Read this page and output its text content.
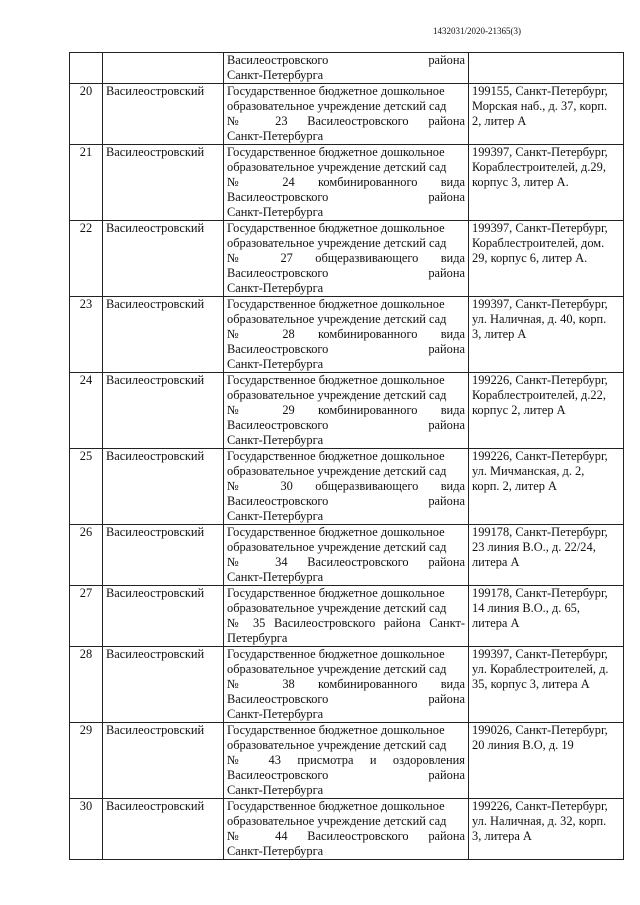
1432031/2020-21365(3)

		Василеостровского района
Санкт-Петербурга	

20	Василеостровский	Государственное бюджетное дошкольное
образовательное учреждение детский сад
№ 23 Василеостровского района
Санкт-Петербурга	199155, Санкт-Петербург,
Морская наб., д. 37, корп.
2, литер А

21	Василеостровский	Государственное бюджетное дошкольное
образовательное учреждение детский сад
№ 24 комбинированного вида
Василеостровского района
Санкт-Петербурга	199397, Санкт-Петербург,
Кораблестроителей, д.29,
корпус 3, литер А.

22	Василеостровский	Государственное бюджетное дошкольное
образовательное учреждение детский сад
№ 27 общеразвивающего вида
Василеостровского района
Санкт-Петербурга	199397, Санкт-Петербург,
Кораблестроителей, дом.
29, корпус 6, литер А.

23	Василеостровский	Государственное бюджетное дошкольное
образовательное учреждение детский сад
№ 28 комбинированного вида
Василеостровского района
Санкт-Петербурга	199397, Санкт-Петербург,
ул. Наличная, д. 40, корп.
3, литер А

24	Василеостровский	Государственное бюджетное дошкольное
образовательное учреждение детский сад
№ 29 комбинированного вида
Василеостровского района
Санкт-Петербурга	199226, Санкт-Петербург,
Кораблестроителей, д.22,
корпус 2, литер А

25	Василеостровский	Государственное бюджетное дошкольное
образовательное учреждение детский сад
№ 30 общеразвивающего вида
Василеостровского района
Санкт-Петербурга	199226, Санкт-Петербург,
ул. Мичманская, д. 2,
корп. 2, литер А

26	Василеостровский	Государственное бюджетное дошкольное
образовательное учреждение детский сад
№ 34 Василеостровского района
Санкт-Петербурга	199178, Санкт-Петербург,
23 линия В.О., д. 22/24,
литера А

27	Василеостровский	Государственное бюджетное дошкольное
образовательное учреждение детский сад
№ 35 Василеостровского района Санкт-
Петербурга	199178, Санкт-Петербург,
14 линия В.О., д. 65,
литера А

28	Василеостровский	Государственное бюджетное дошкольное
образовательное учреждение детский сад
№ 38 комбинированного вида
Василеостровского района
Санкт-Петербурга	199397, Санкт-Петербург,
ул. Кораблестроителей, д.
35, корпус 3, литера А

29	Василеостровский	Государственное бюджетное дошкольное
образовательное учреждение детский сад
№ 43 присмотра и оздоровления
Василеостровского района
Санкт-Петербурга	199026, Санкт-Петербург,
20 линия В.О, д. 19

30	Василеостровский	Государственное бюджетное дошкольное
образовательное учреждение детский сад
№ 44 Василеостровского района
Санкт-Петербурга	199226, Санкт-Петербург,
ул. Наличная, д. 32, корп.
3, литера А
